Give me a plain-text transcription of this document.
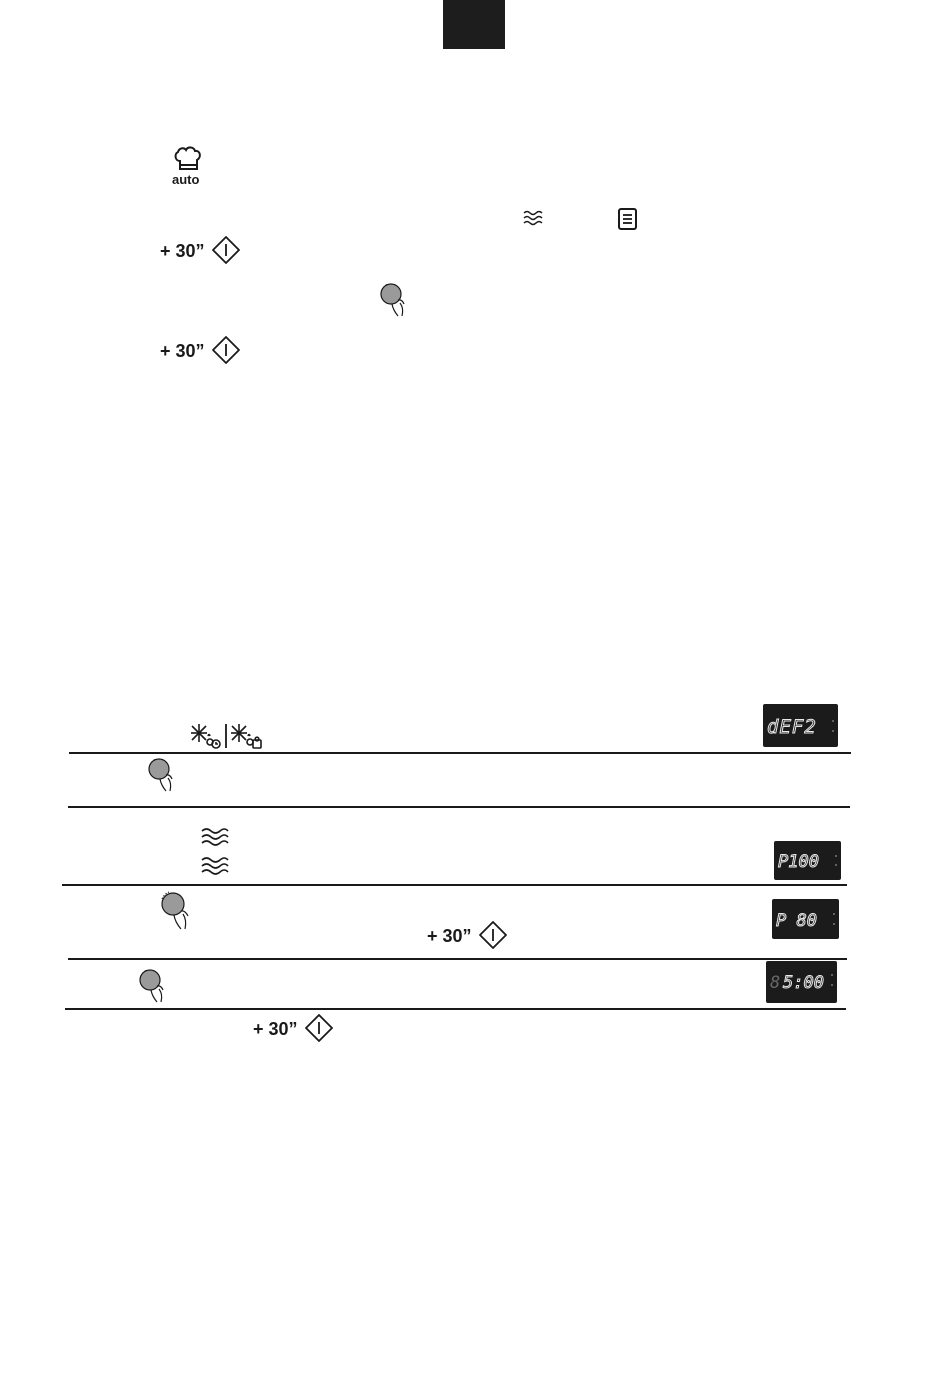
auto
+ 30”
+ 30”
dEF2
P100
P 80
+ 30”
8 5:00
+ 30”
